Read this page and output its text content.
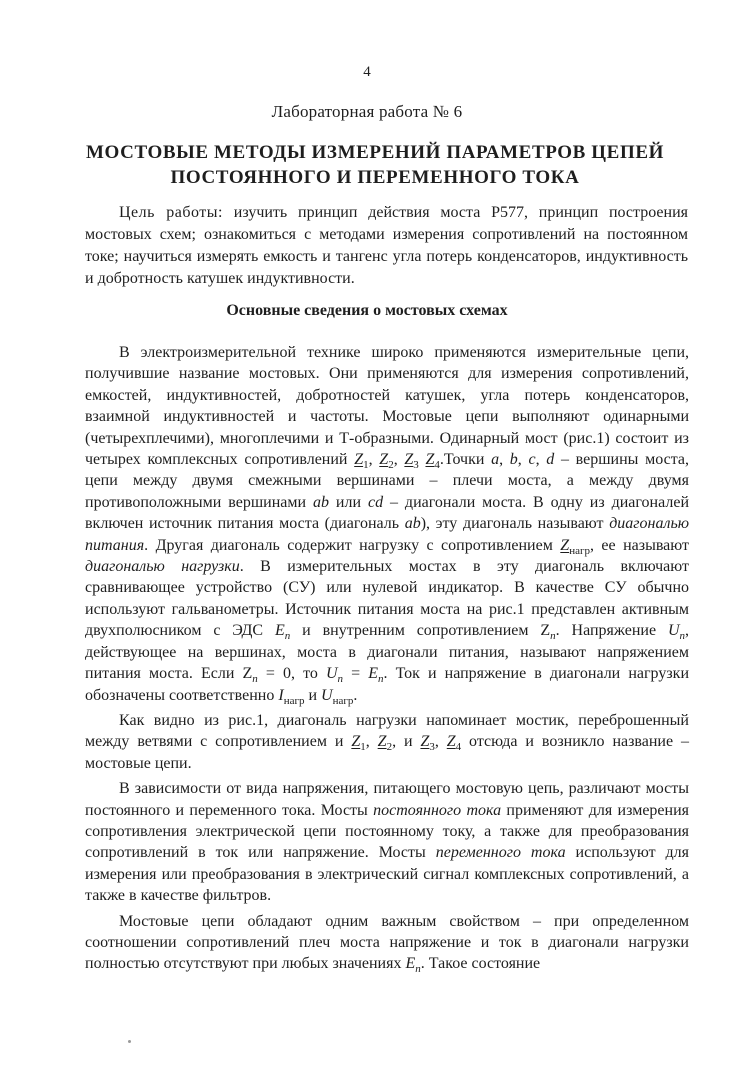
4
Лабораторная работа № 6
МОСТОВЫЕ МЕТОДЫ ИЗМЕРЕНИЙ ПАРАМЕТРОВ ЦЕПЕЙ
ПОСТОЯННОГО И ПЕРЕМЕННОГО ТОКА

Цель работы: изучить принцип действия моста Р577, принцип построения мостовых схем; ознакомиться с методами измерения сопротивлений на постоянном токе; научиться измерять емкость и тангенс угла потерь конденсаторов, индуктивность и добротность катушек индуктивности.

Основные сведения о мостовых схемах

В электроизмерительной технике широко применяются измерительные цепи, получившие название мостовых. Они применяются для измерения сопротивлений, емкостей, индуктивностей, добротностей катушек, угла потерь конденсаторов, взаимной индуктивностей и частоты. Мостовые цепи выполняют одинарными (четырехплечими), многоплечими и Т-образными. Одинарный мост (рис.1) состоит из четырех комплексных сопротивлений $Z_1$, $Z_2$, $Z_3$ $Z_4.Точки$ a, b, c, d – вершины моста, цепи между двумя смежными вершинами – плечи моста, а между двумя противоположными вершинами ab или cd – диагонали моста. В одну из диагоналей включен источник питания моста (диагональ ab), эту диагональ называют диагональю питания. Другая диагональ содержит нагрузку с сопротивлением $Z_{нагр}$, ее называют диагональю нагрузки. В измерительных мостах в эту диагональ включают сравнивающее устройство (СУ) или нулевой индикатор. В качестве СУ обычно используют гальванометры. Источник питания моста на рис.1 представлен активным двухполюсником с ЭДС $E_п$ и внутренним сопротивлением $Z_п$. Напряжение $U_п$, действующее на вершинах, моста в диагонали питания, называют напряжением питания моста. Если $Z_п = 0$, то $U_п = E_п$. Ток и напряжение в диагонали нагрузки обозначены соответственно $I_{нагр}$ и $U_{нагр}$.

Как видно из рис.1, диагональ нагрузки напоминает мостик, переброшенный между ветвями с сопротивлением и $Z_1$, $Z_2$, и $Z_3$, $Z_4$ отсюда и возникло название – мостовые цепи.

В зависимости от вида напряжения, питающего мостовую цепь, различают мосты постоянного и переменного тока. Мосты постоянного тока применяют для измерения сопротивления электрической цепи постоянному току, а также для преобразования сопротивлений в ток или напряжение. Мосты переменного тока используют для измерения или преобразования в электрический сигнал комплексных сопротивлений, а также в качестве фильтров.

Мостовые цепи обладают одним важным свойством – при определенном соотношении сопротивлений плеч моста напряжение и ток в диагонали нагрузки полностью отсутствуют при любых значениях $E_п$. Такое состояние
